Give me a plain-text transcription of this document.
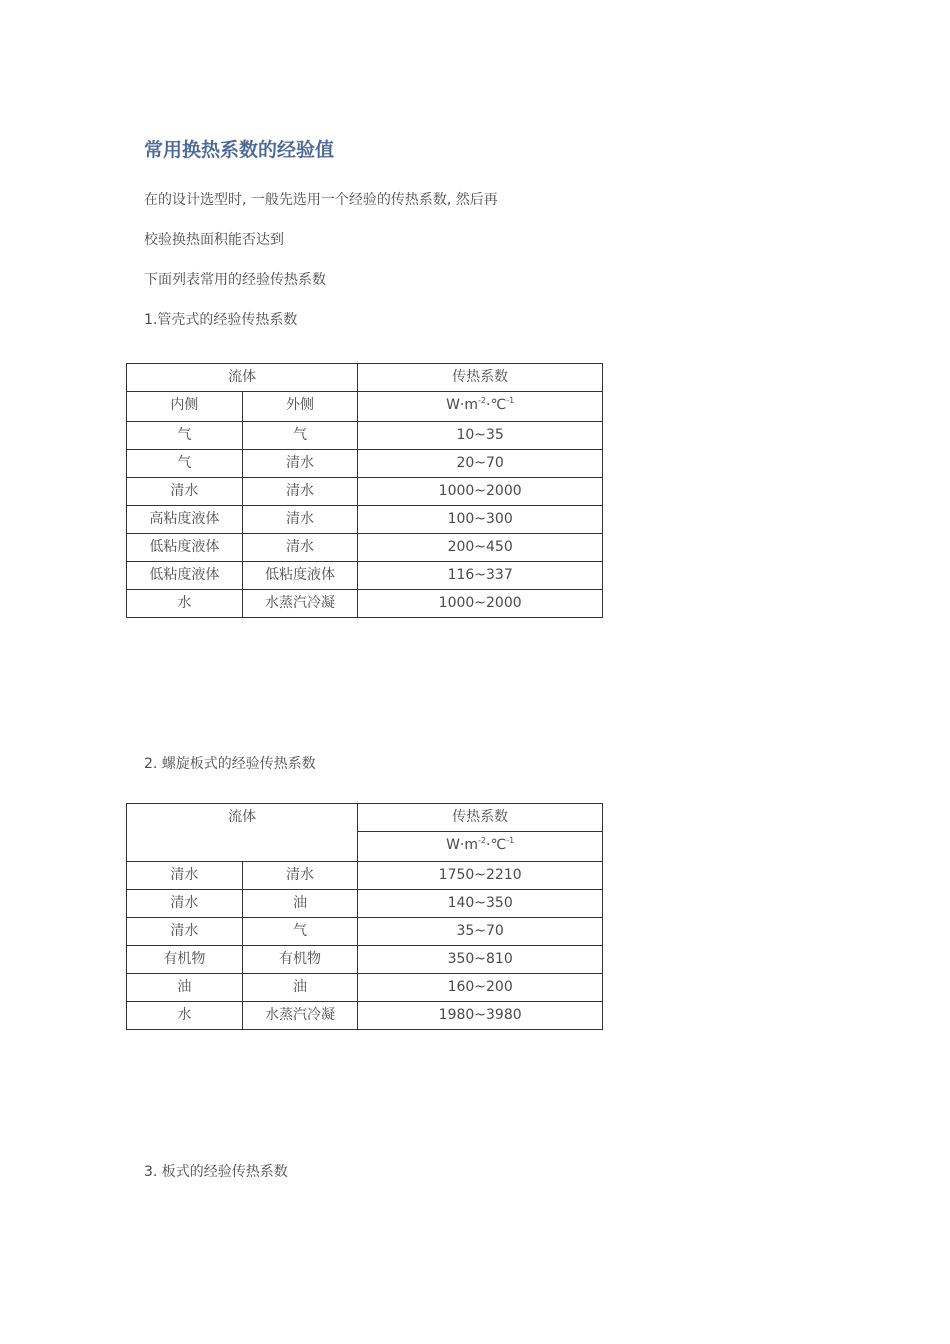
常用换热系数的经验值

在的设计选型时, 一般先选用一个经验的传热系数, 然后再

校验换热面积能否达到

下面列表常用的经验传热系数

1.管壳式的经验传热系数

流体		传热系数
内侧	外侧	$W\cdot m^{-2}\cdot℃^{-1}$
气	气	10~35
气	清水	20~70
清水	清水	1000~2000
高粘度液体	清水	100~300
低粘度液体	清水	200~450
低粘度液体	低粘度液体	116~337
水	水蒸汽冷凝	1000~2000

2. 螺旋板式的经验传热系数

流体		传热系数
		$W\cdot m^{-2}\cdot℃^{-1}$
清水	清水	1750~2210
清水	油	140~350
清水	气	35~70
有机物	有机物	350~810
油	油	160~200
水	水蒸汽冷凝	1980~3980

3. 板式的经验传热系数
